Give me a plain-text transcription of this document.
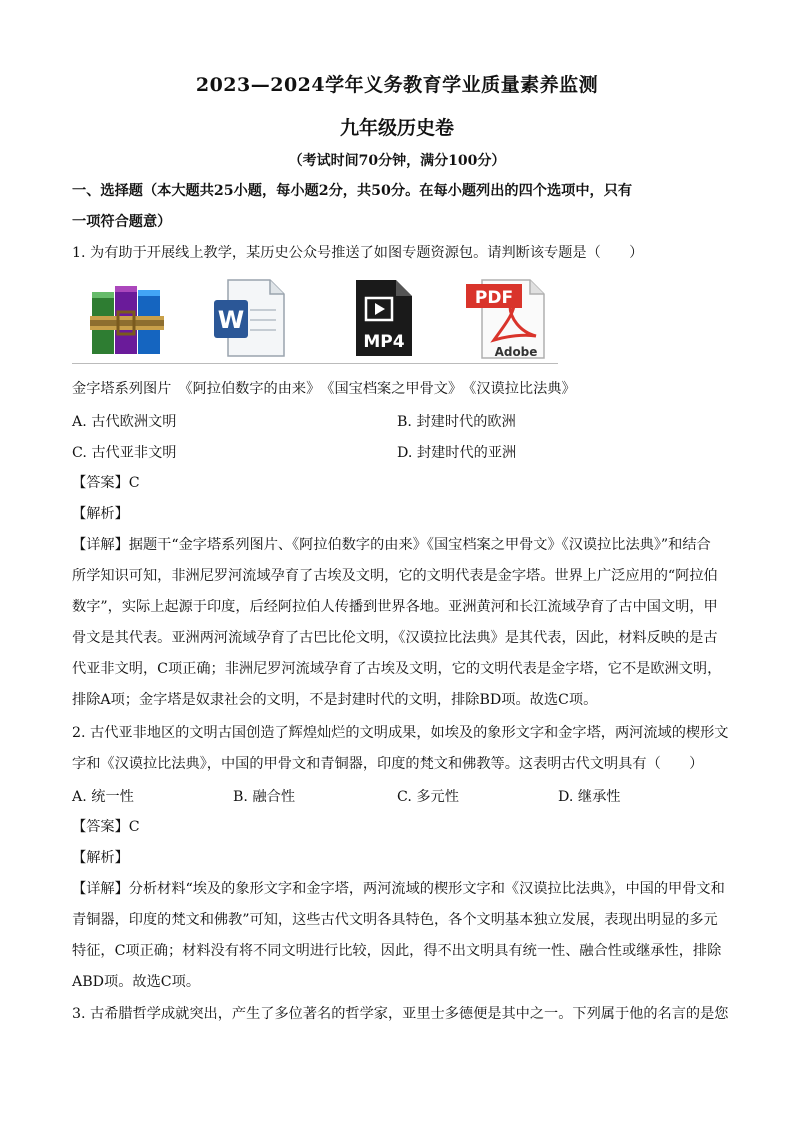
2023—2024学年义务教育学业质量素养监测
九年级历史卷
（考试时间70分钟，满分100分）
一、选择题（本大题共25小题，每小题2分，共50分。在每小题列出的四个选项中，只有
一项符合题意）
1. 为有助于开展线上教学，某历史公众号推送了如图专题资源包。请判断该专题是（　　）
W
MP4
PDF
Adobe
金字塔系列图片　《阿拉伯数字的由来》　《国宝档案之甲骨文》　《汉谟拉比法典》
A. 古代欧洲文明	B. 封建时代的欧洲
C. 古代亚非文明	D. 封建时代的亚洲
【答案】C
【解析】
【详解】据题干“金字塔系列图片、《阿拉伯数字的由来》《国宝档案之甲骨文》《汉谟拉比法典》”和结合
所学知识可知，非洲尼罗河流域孕育了古埃及文明，它的文明代表是金字塔。世界上广泛应用的“阿拉伯
数字”，实际上起源于印度，后经阿拉伯人传播到世界各地。亚洲黄河和长江流域孕育了古中国文明，甲
骨文是其代表。亚洲两河流域孕育了古巴比伦文明，《汉谟拉比法典》是其代表，因此，材料反映的是古
代亚非文明，C项正确；非洲尼罗河流域孕育了古埃及文明，它的文明代表是金字塔，它不是欧洲文明，
排除A项；金字塔是奴隶社会的文明，不是封建时代的文明，排除BD项。故选C项。
2. 古代亚非地区的文明古国创造了辉煌灿烂的文明成果，如埃及的象形文字和金字塔，两河流域的楔形文
字和《汉谟拉比法典》，中国的甲骨文和青铜器，印度的梵文和佛教等。这表明古代文明具有（　　）
A. 统一性	B. 融合性	C. 多元性	D. 继承性
【答案】C
【解析】
【详解】分析材料“埃及的象形文字和金字塔，两河流域的楔形文字和《汉谟拉比法典》，中国的甲骨文和
青铜器，印度的梵文和佛教”可知，这些古代文明各具特色，各个文明基本独立发展，表现出明显的多元
特征，C项正确；材料没有将不同文明进行比较，因此，得不出文明具有统一性、融合性或继承性，排除
ABD项。故选C项。
3. 古希腊哲学成就突出，产生了多位著名的哲学家，亚里士多德便是其中之一。下列属于他的名言的是您
